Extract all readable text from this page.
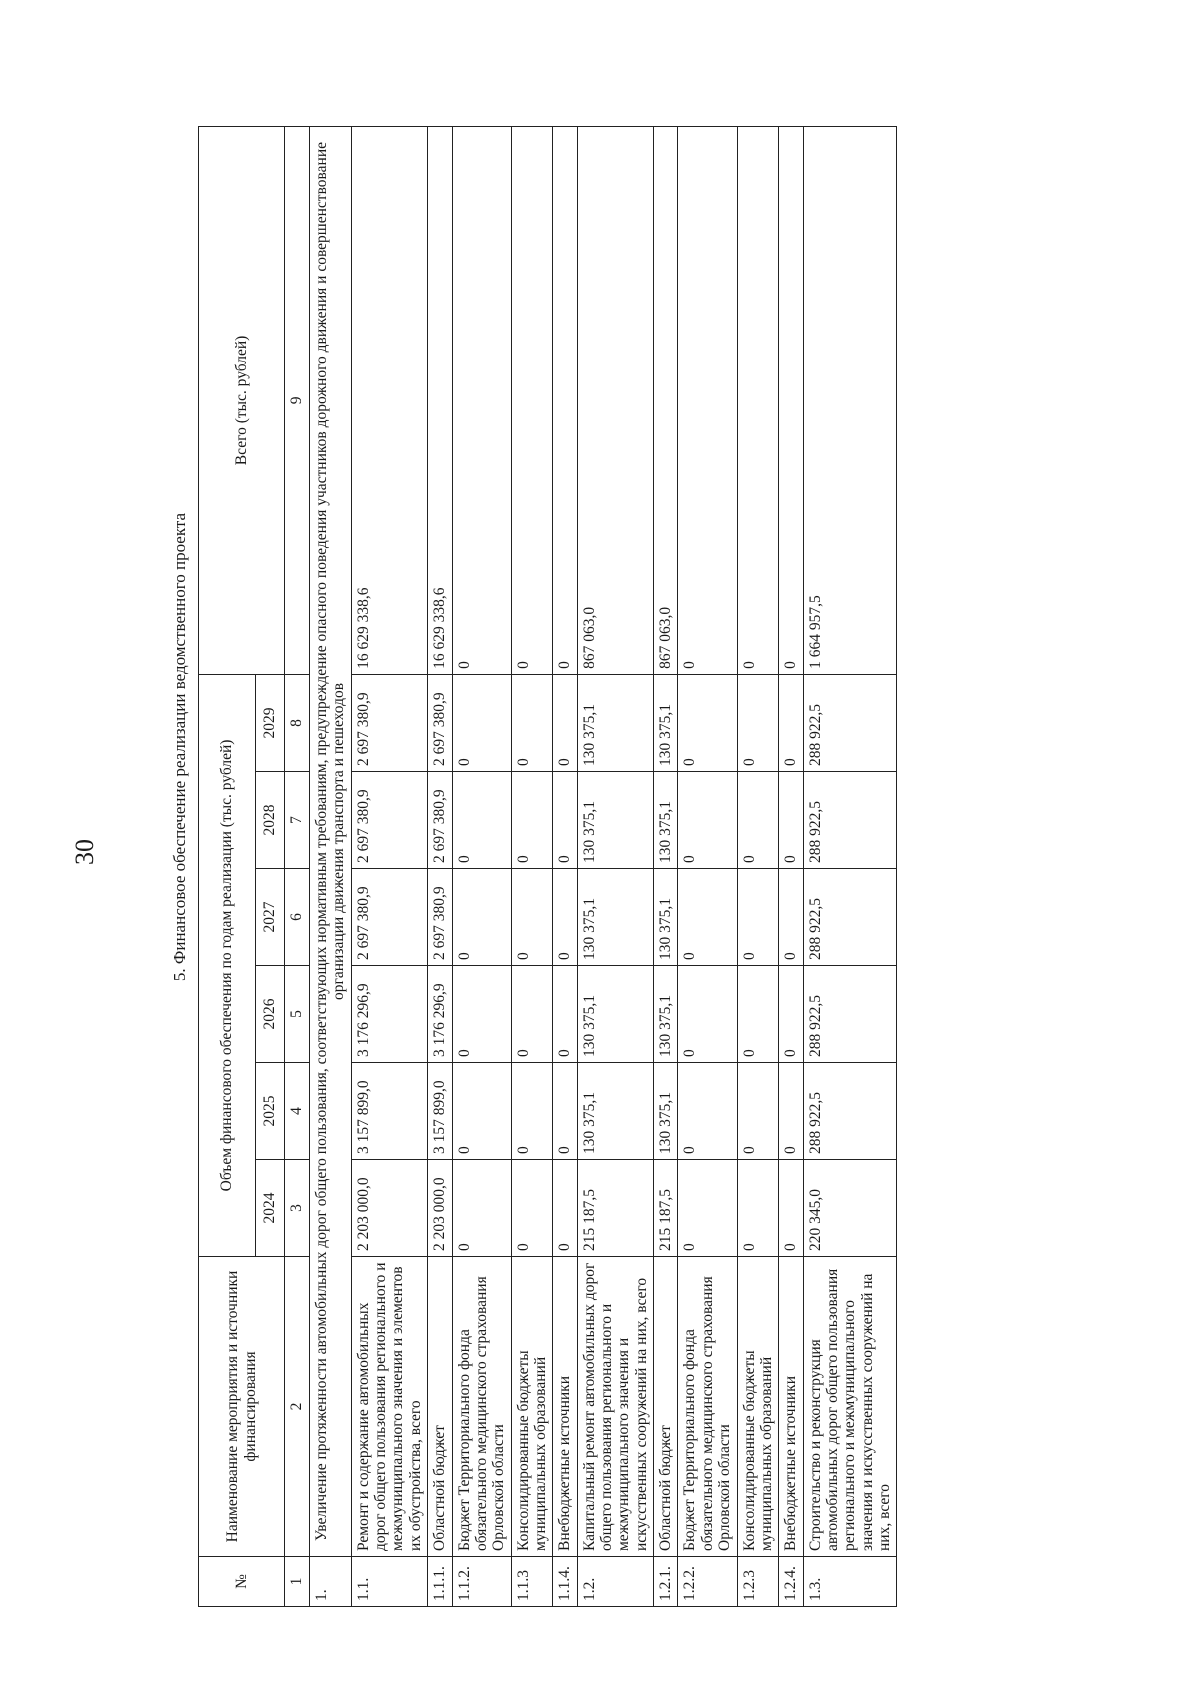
30	5. Финансовое обеспечение реализации ведомственного проекта
№	Наименование мероприятия и источники финансирования	Объем финансового обеспечения по годам реализации (тыс. рублей)						Всего (тыс. рублей)
		2024	2025	2026	2027	2028	2029	
1	2	3	4	5	6	7	8	9
1.	Увеличение протяженности автомобильных дорог общего пользования, соответствующих нормативным требованиям, предупреждение опасного поведения участников дорожного движения и совершенствование организации движения транспорта и пешеходов							
1.1.	Ремонт и содержание автомобильных дорог общего пользования регионального и межмуниципального значения и элементов их обустройства, всего	2 203 000,0	3 157 899,0	3 176 296,9	2 697 380,9	2 697 380,9	2 697 380,9	16 629 338,6
1.1.1.	Областной бюджет	2 203 000,0	3 157 899,0	3 176 296,9	2 697 380,9	2 697 380,9	2 697 380,9	16 629 338,6
1.1.2.	Бюджет Территориального фонда обязательного медицинского страхования Орловской области	0	0	0	0	0	0	0
1.1.3	Консолидированные бюджеты муниципальных образований	0	0	0	0	0	0	0
1.1.4.	Внебюджетные источники	0	0	0	0	0	0	0
1.2.	Капитальный ремонт автомобильных дорог общего пользования регионального и межмуниципального значения и искусственных сооружений на них, всего	215 187,5	130 375,1	130 375,1	130 375,1	130 375,1	130 375,1	867 063,0
1.2.1.	Областной бюджет	215 187,5	130 375,1	130 375,1	130 375,1	130 375,1	130 375,1	867 063,0
1.2.2.	Бюджет Территориального фонда обязательного медицинского страхования Орловской области	0	0	0	0	0	0	0
1.2.3	Консолидированные бюджеты муниципальных образований	0	0	0	0	0	0	0
1.2.4.	Внебюджетные источники	0	0	0	0	0	0	0
1.3.	Строительство и реконструкция автомобильных дорог общего пользования регионального и межмуниципального значения и искусственных сооружений на них, всего	220 345,0	288 922,5	288 922,5	288 922,5	288 922,5	288 922,5	1 664 957,5
